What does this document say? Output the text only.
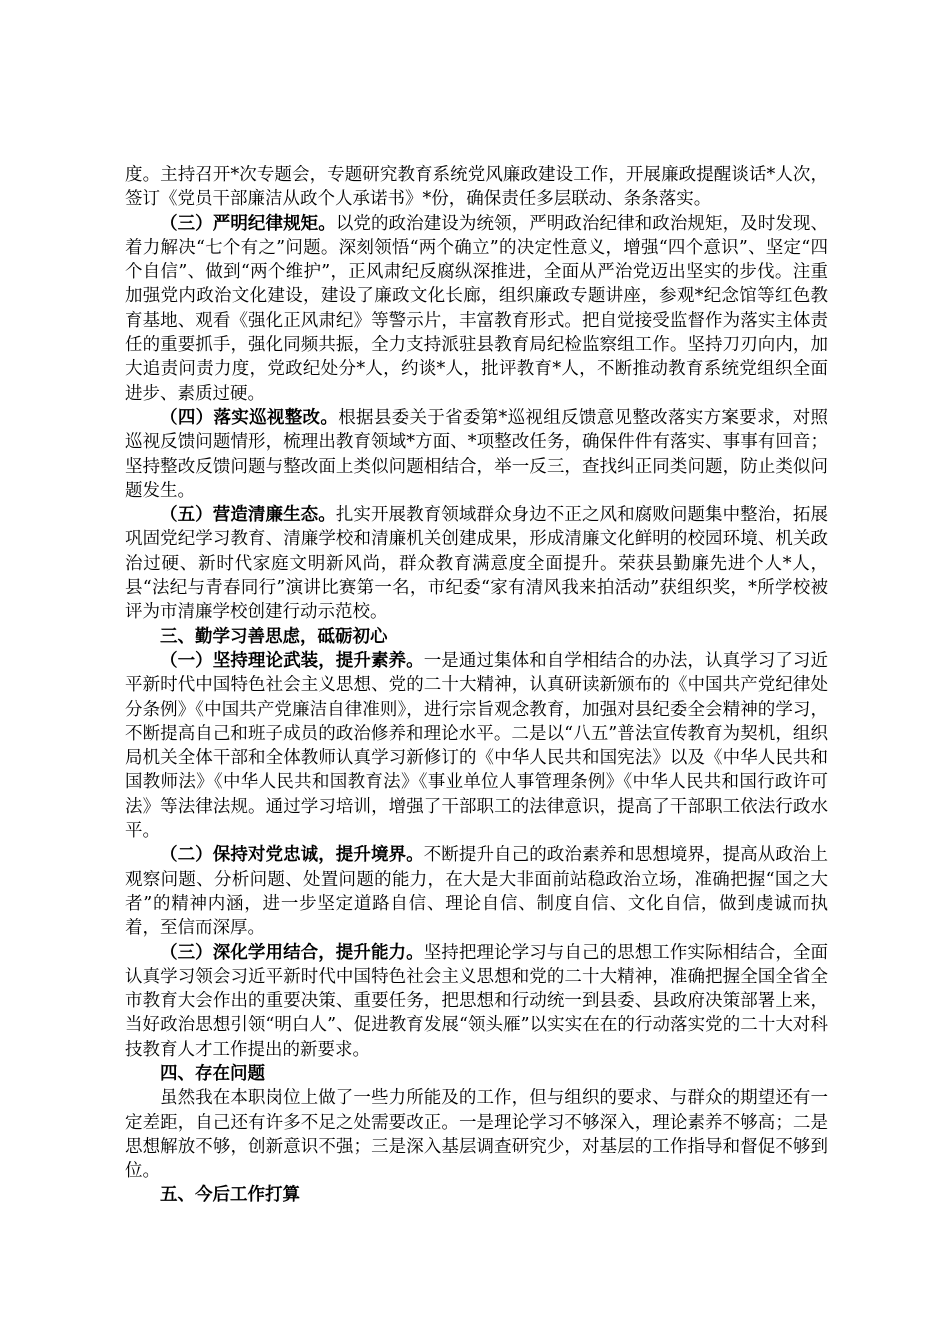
度。主持召开*次专题会，专题研究教育系统党风廉政建设工作，开展廉政提醒谈话*人次，签订《党员干部廉洁从政个人承诺书》*份，确保责任多层联动、条条落实。

（三）严明纪律规矩。以党的政治建设为统领，严明政治纪律和政治规矩，及时发现、着力解决“七个有之”问题。深刻领悟“两个确立”的决定性意义，增强“四个意识”、坚定“四个自信”、做到“两个维护”，正风肃纪反腐纵深推进，全面从严治党迈出坚实的步伐。注重加强党内政治文化建设，建设了廉政文化长廊，组织廉政专题讲座，参观*纪念馆等红色教育基地、观看《强化正风肃纪》等警示片，丰富教育形式。把自觉接受监督作为落实主体责任的重要抓手，强化同频共振，全力支持派驻县教育局纪检监察组工作。坚持刀刃向内，加大追责问责力度，党政纪处分*人，约谈*人，批评教育*人，不断推动教育系统党组织全面进步、素质过硬。

（四）落实巡视整改。根据县委关于省委第*巡视组反馈意见整改落实方案要求，对照巡视反馈问题情形，梳理出教育领域*方面、*项整改任务，确保件件有落实、事事有回音；坚持整改反馈问题与整改面上类似问题相结合，举一反三，查找纠正同类问题，防止类似问题发生。

（五）营造清廉生态。扎实开展教育领域群众身边不正之风和腐败问题集中整治，拓展巩固党纪学习教育、清廉学校和清廉机关创建成果，形成清廉文化鲜明的校园环境、机关政治过硬、新时代家庭文明新风尚，群众教育满意度全面提升。荣获县勤廉先进个人*人，县“法纪与青春同行”演讲比赛第一名，市纪委“家有清风我来拍活动”获组织奖，*所学校被评为市清廉学校创建行动示范校。

三、勤学习善思虑，砥砺初心

（一）坚持理论武装，提升素养。一是通过集体和自学相结合的办法，认真学习了习近平新时代中国特色社会主义思想、党的二十大精神，认真研读新颁布的《中国共产党纪律处分条例》《中国共产党廉洁自律准则》，进行宗旨观念教育，加强对县纪委全会精神的学习，不断提高自己和班子成员的政治修养和理论水平。二是以“八五”普法宣传教育为契机，组织局机关全体干部和全体教师认真学习新修订的《中华人民共和国宪法》以及《中华人民共和国教师法》《中华人民共和国教育法》《事业单位人事管理条例》《中华人民共和国行政许可法》等法律法规。通过学习培训，增强了干部职工的法律意识，提高了干部职工依法行政水平。

（二）保持对党忠诚，提升境界。不断提升自己的政治素养和思想境界，提高从政治上观察问题、分析问题、处置问题的能力，在大是大非面前站稳政治立场，准确把握“国之大者”的精神内涵，进一步坚定道路自信、理论自信、制度自信、文化自信，做到虔诚而执着，至信而深厚。

（三）深化学用结合，提升能力。坚持把理论学习与自己的思想工作实际相结合，全面认真学习领会习近平新时代中国特色社会主义思想和党的二十大精神，准确把握全国全省全市教育大会作出的重要决策、重要任务，把思想和行动统一到县委、县政府决策部署上来，当好政治思想引领“明白人”、促进教育发展“领头雁”以实实在在的行动落实党的二十大对科技教育人才工作提出的新要求。

四、存在问题

虽然我在本职岗位上做了一些力所能及的工作，但与组织的要求、与群众的期望还有一定差距，自己还有许多不足之处需要改正。一是理论学习不够深入，理论素养不够高；二是思想解放不够，创新意识不强；三是深入基层调查研究少，对基层的工作指导和督促不够到位。

五、今后工作打算
